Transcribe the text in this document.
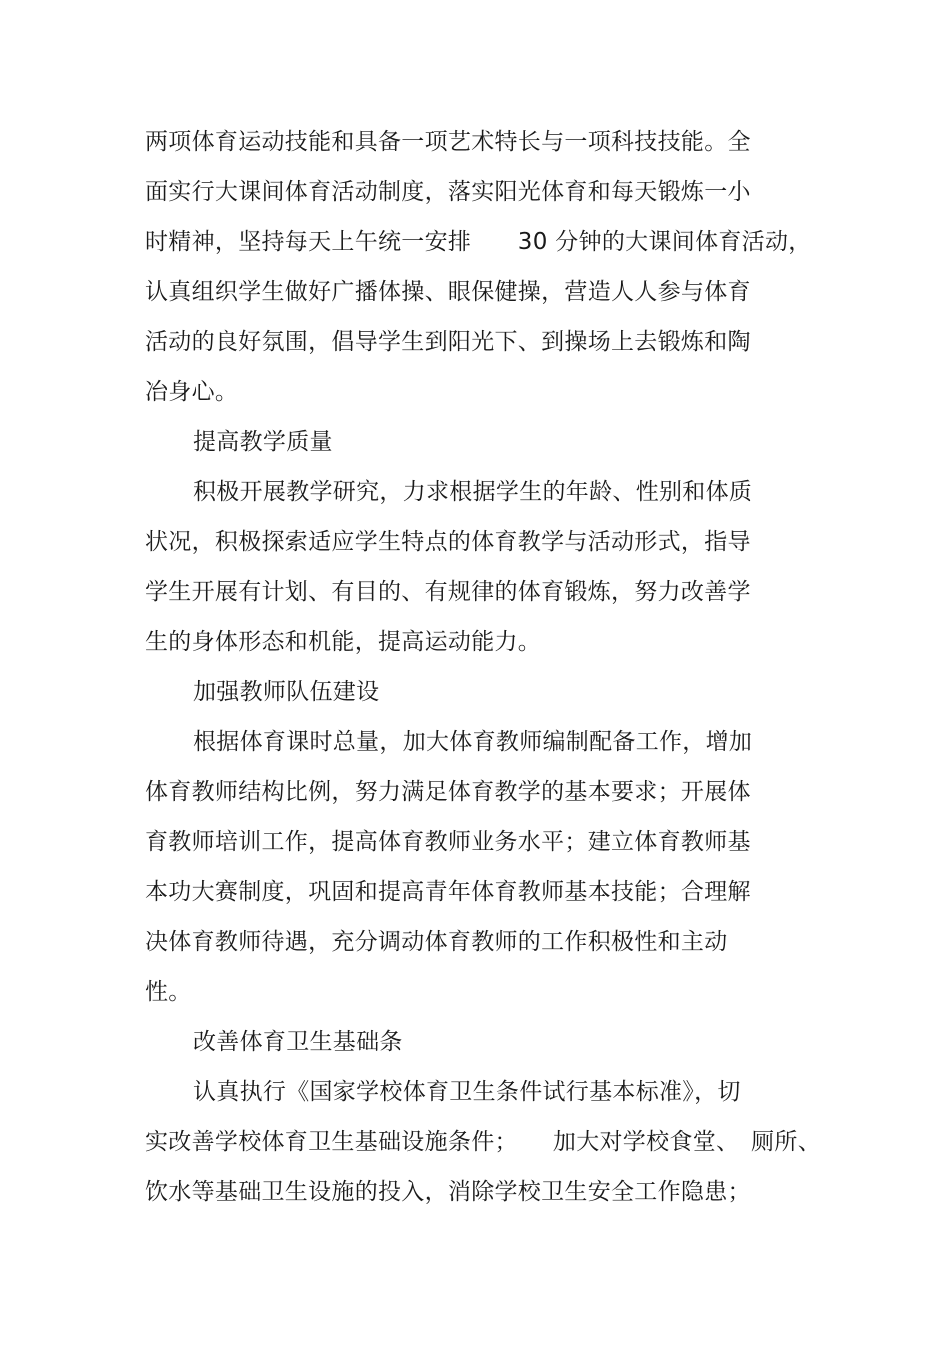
两项体育运动技能和具备一项艺术特长与一项科技技能。全
面实行大课间体育活动制度，落实阳光体育和每天锻炼一小
时精神，坚持每天上午统一安排　　30 分钟的大课间体育活动，
认真组织学生做好广播体操、眼保健操，营造人人参与体育
活动的良好氛围，倡导学生到阳光下、到操场上去锻炼和陶
冶身心。
提高教学质量
积极开展教学研究，力求根据学生的年龄、性别和体质
状况，积极探索适应学生特点的体育教学与活动形式，指导
学生开展有计划、有目的、有规律的体育锻炼，努力改善学
生的身体形态和机能，提高运动能力。
加强教师队伍建设
根据体育课时总量，加大体育教师编制配备工作，增加
体育教师结构比例，努力满足体育教学的基本要求；开展体
育教师培训工作，提高体育教师业务水平；建立体育教师基
本功大赛制度，巩固和提高青年体育教师基本技能；合理解
决体育教师待遇，充分调动体育教师的工作积极性和主动
性。
改善体育卫生基础条
认真执行《国家学校体育卫生条件试行基本标准》，切
实改善学校体育卫生基础设施条件；　　加大对学校食堂、　厕所、
饮水等基础卫生设施的投入，消除学校卫生安全工作隐患；
